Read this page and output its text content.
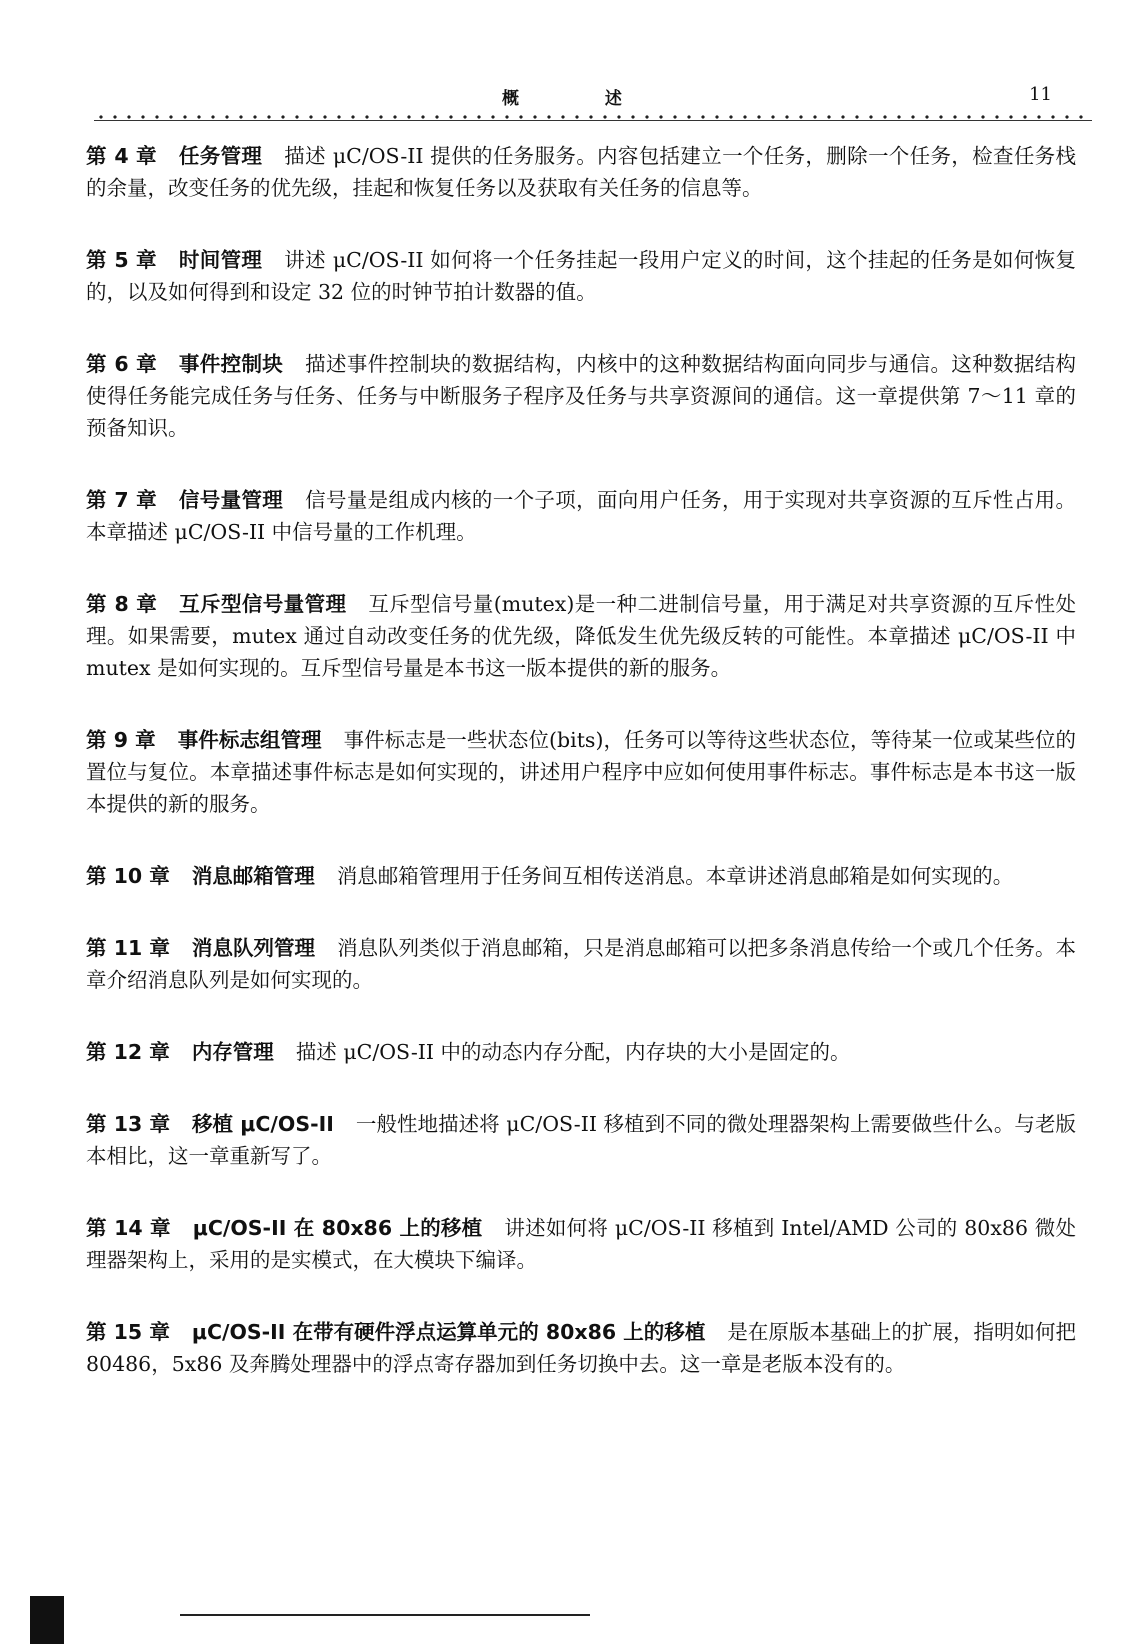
概 述	11

第 4 章 任务管理 描述 μC/OS-II 提供的任务服务。内容包括建立一个任务，删除一个任务，检查任务栈的余量，改变任务的优先级，挂起和恢复任务以及获取有关任务的信息等。

第 5 章 时间管理 讲述 μC/OS-II 如何将一个任务挂起一段用户定义的时间，这个挂起的任务是如何恢复的，以及如何得到和设定 32 位的时钟节拍计数器的值。

第 6 章 事件控制块 描述事件控制块的数据结构，内核中的这种数据结构面向同步与通信。这种数据结构使得任务能完成任务与任务、任务与中断服务子程序及任务与共享资源间的通信。这一章提供第 7～11 章的预备知识。

第 7 章 信号量管理 信号量是组成内核的一个子项，面向用户任务，用于实现对共享资源的互斥性占用。本章描述 μC/OS-II 中信号量的工作机理。

第 8 章 互斥型信号量管理 互斥型信号量(mutex)是一种二进制信号量，用于满足对共享资源的互斥性处理。如果需要，mutex 通过自动改变任务的优先级，降低发生优先级反转的可能性。本章描述 μC/OS-II 中 mutex 是如何实现的。互斥型信号量是本书这一版本提供的新的服务。

第 9 章 事件标志组管理 事件标志是一些状态位(bits)，任务可以等待这些状态位，等待某一位或某些位的置位与复位。本章描述事件标志是如何实现的，讲述用户程序中应如何使用事件标志。事件标志是本书这一版本提供的新的服务。

第 10 章 消息邮箱管理 消息邮箱管理用于任务间互相传送消息。本章讲述消息邮箱是如何实现的。

第 11 章 消息队列管理 消息队列类似于消息邮箱，只是消息邮箱可以把多条消息传给一个或几个任务。本章介绍消息队列是如何实现的。

第 12 章 内存管理 描述 μC/OS-II 中的动态内存分配，内存块的大小是固定的。

第 13 章 移植 μC/OS-II 一般性地描述将 μC/OS-II 移植到不同的微处理器架构上需要做些什么。与老版本相比，这一章重新写了。

第 14 章 μC/OS-II 在 80x86 上的移植 讲述如何将 μC/OS-II 移植到 Intel/AMD 公司的 80x86 微处理器架构上，采用的是实模式，在大模块下编译。

第 15 章 μC/OS-II 在带有硬件浮点运算单元的 80x86 上的移植 是在原版本基础上的扩展，指明如何把 80486，5x86 及奔腾处理器中的浮点寄存器加到任务切换中去。这一章是老版本没有的。
